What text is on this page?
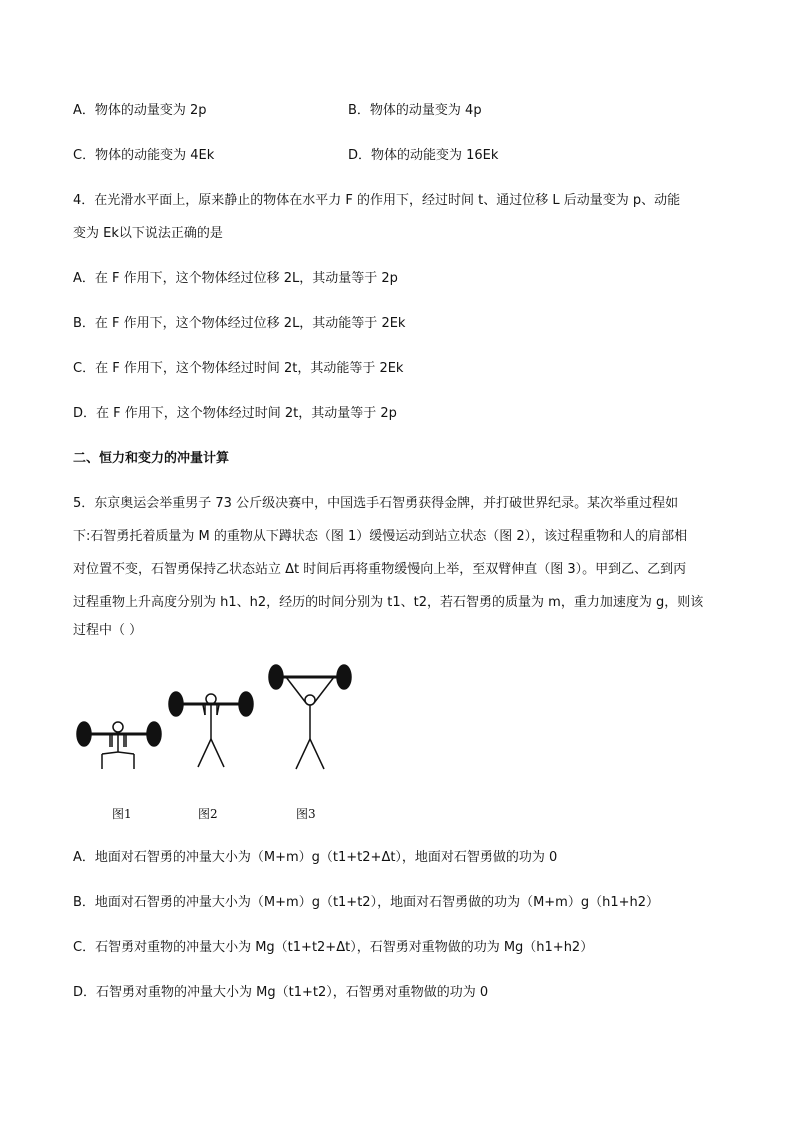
A．物体的动量变为 2p	B．物体的动量变为 4p
C．物体的动能变为 4Ek	D．物体的动能变为 16Ek
4．在光滑水平面上，原来静止的物体在水平力 F 的作用下，经过时间 t、通过位移 L 后动量变为 p、动能
变为 Ek以下说法正确的是
A．在 F 作用下，这个物体经过位移 2L，其动量等于 2p
B．在 F 作用下，这个物体经过位移 2L，其动能等于 2Ek
C．在 F 作用下，这个物体经过时间 2t，其动能等于 2Ek
D．在 F 作用下，这个物体经过时间 2t，其动量等于 2p
二、恒力和变力的冲量计算
5．东京奥运会举重男子 73 公斤级决赛中，中国选手石智勇获得金牌，并打破世界纪录。某次举重过程如
下:石智勇托着质量为 M 的重物从下蹲状态（图 1）缓慢运动到站立状态（图 2），该过程重物和人的肩部相
对位置不变，石智勇保持乙状态站立 Δt 时间后再将重物缓慢向上举，至双臂伸直（图 3）。甲到乙、乙到丙
过程重物上升高度分别为 h1、h2，经历的时间分别为 t1、t2，若石智勇的质量为 m，重力加速度为 g，则该
过程中（ ）
图1	图2	图3
A．地面对石智勇的冲量大小为（M+m）g（t1+t2+Δt），地面对石智勇做的功为 0
B．地面对石智勇的冲量大小为（M+m）g（t1+t2），地面对石智勇做的功为（M+m）g（h1+h2）
C．石智勇对重物的冲量大小为 Mg（t1+t2+Δt），石智勇对重物做的功为 Mg（h1+h2）
D．石智勇对重物的冲量大小为 Mg（t1+t2），石智勇对重物做的功为 0
